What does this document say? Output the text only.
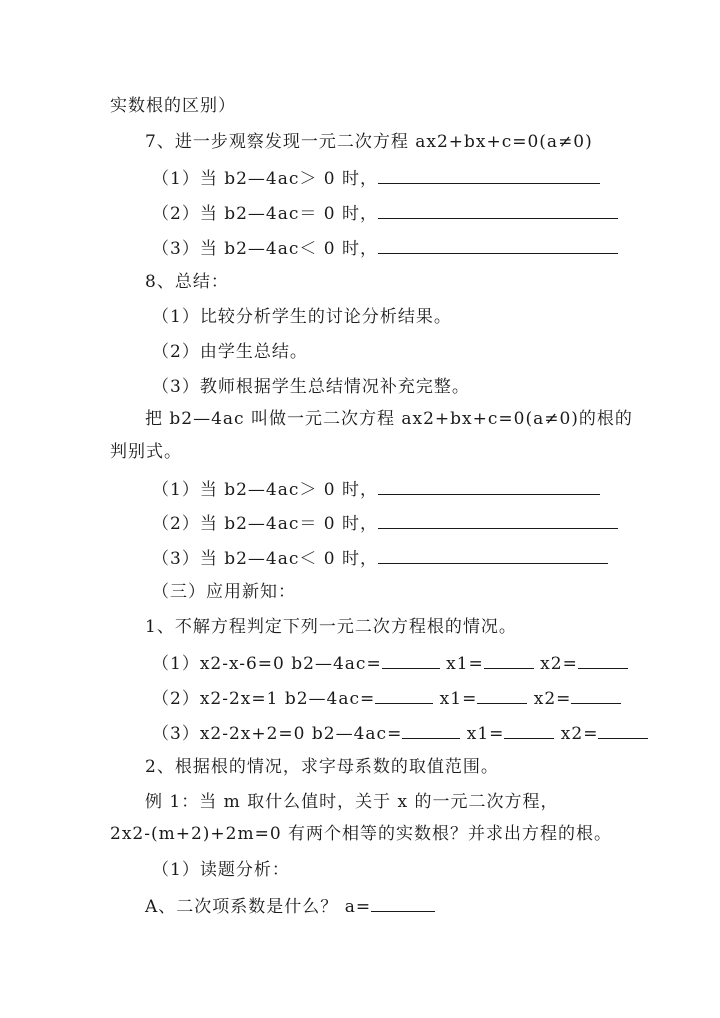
实数根的区别）
7、进一步观察发现一元二次方程 ax2+bx+c=0(a≠0)
（1）当 b2—4ac＞ 0 时，
（2）当 b2—4ac＝ 0 时，
（3）当 b2—4ac＜ 0 时，
8、总结：
（1）比较分析学生的讨论分析结果。
（2）由学生总结。
（3）教师根据学生总结情况补充完整。
把 b2—4ac 叫做一元二次方程 ax2+bx+c=0(a≠0)的根的
判别式。
（1）当 b2—4ac＞ 0 时，
（2）当 b2—4ac＝ 0 时，
（3）当 b2—4ac＜ 0 时，
（三）应用新知：
1、不解方程判定下列一元二次方程根的情况。
（1）x2-x-6=0 b2—4ac=	x1=	x2=
（2）x2-2x=1 b2—4ac=	x1=	x2=
（3）x2-2x+2=0 b2—4ac=	x1=	x2=
2、根据根的情况，求字母系数的取值范围。
例 1：当 m 取什么值时，关于 x 的一元二次方程，
2x2-(m+2)+2m=0 有两个相等的实数根？并求出方程的根。
（1）读题分析：
A、二次项系数是什么？ a=
